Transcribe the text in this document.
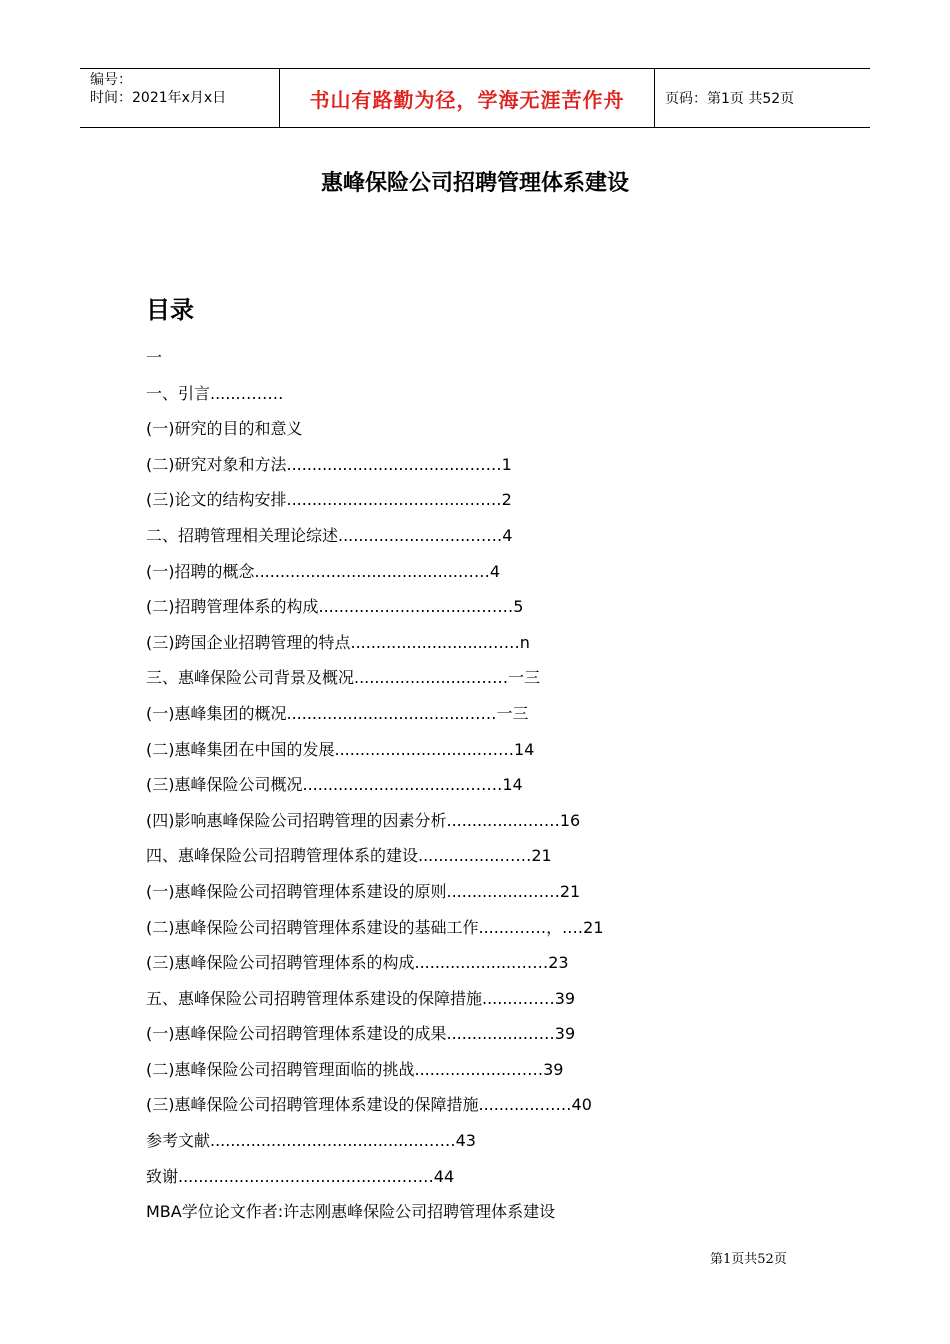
编号：
时间：2021年x月x日	书山有路勤为径，学海无涯苦作舟	页码：第1页 共52页
惠峰保险公司招聘管理体系建设
目录
一
一、引言.....………
(一)研究的目的和意义
(二)研究对象和方法....................................……1
(三)论文的结构安排....................................……2
二、招聘管理相关理论综述..........................……4
(一)招聘的概念........................................……4
(二)招聘管理体系的构成................................……5
(三)跨国企业招聘管理的特点...........................……n
三、惠峰保险公司背景及概况........................……一三
(一)惠峰集团的概况...................................……一三
(二)惠峰集团在中国的发展.............................……14
(三)惠峰保险公司概况.................................……14
(四)影响惠峰保险公司招聘管理的因素分析................……16
四、惠峰保险公司招聘管理体系的建设................……21
(一)惠峰保险公司招聘管理体系建设的原则................……21
(二)惠峰保险公司招聘管理体系建设的基础工作.......……，.…21
(三)惠峰保险公司招聘管理体系的构成....................……23
五、惠峰保险公司招聘管理体系建设的保障措施........……39
(一)惠峰保险公司招聘管理体系建设的成果...............……39
(二)惠峰保险公司招聘管理面临的挑战...................……39
(三)惠峰保险公司招聘管理体系建设的保障措施............……40
参考文献..........................................……43
致谢............................................……44
MBA学位论文作者:许志刚惠峰保险公司招聘管理体系建设
第1页共52页
